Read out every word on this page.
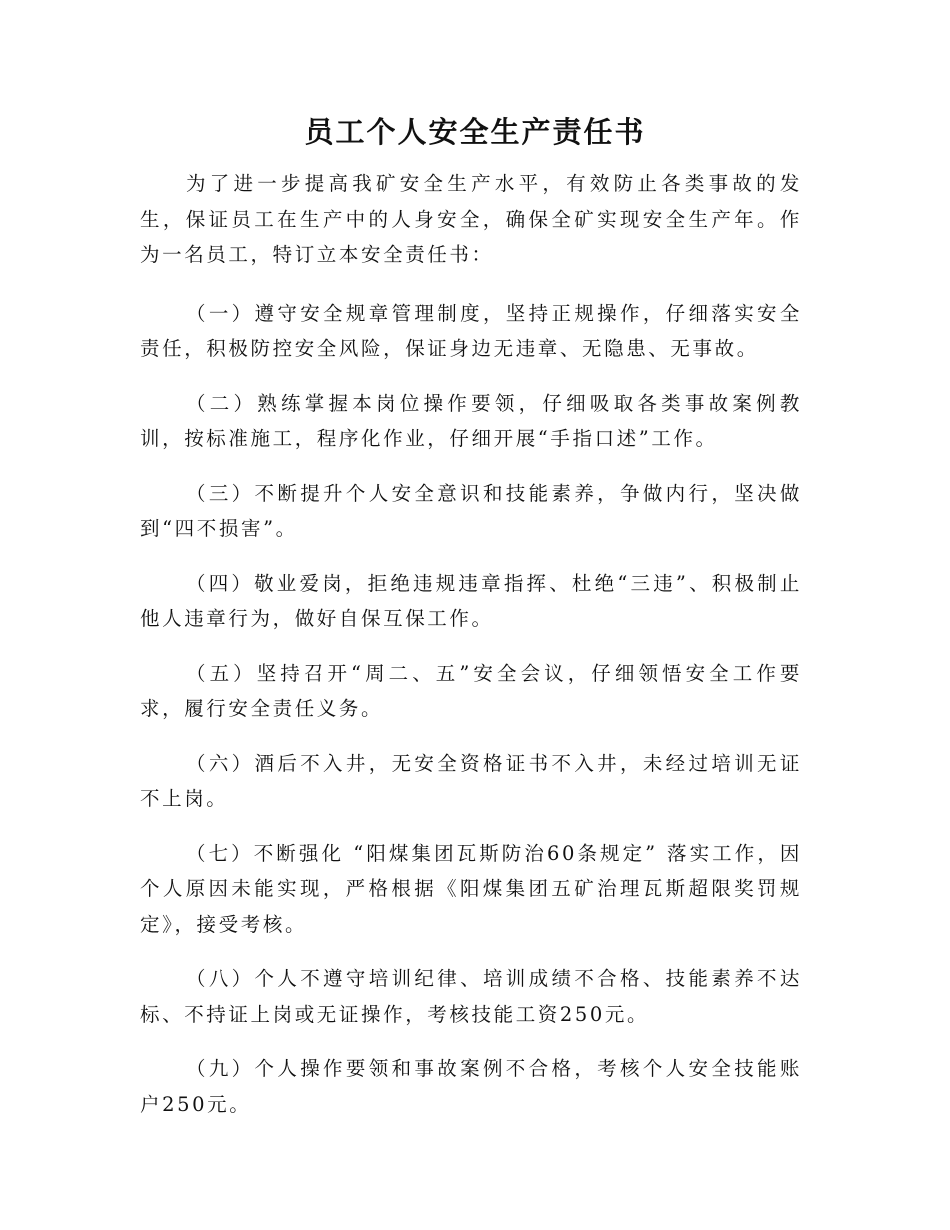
员工个人安全生产责任书

为了进一步提高我矿安全生产水平，有效防止各类事故的发生，保证员工在生产中的人身安全，确保全矿实现安全生产年。作为一名员工，特订立本安全责任书：

（一）遵守安全规章管理制度，坚持正规操作，仔细落实安全责任，积极防控安全风险，保证身边无违章、无隐患、无事故。

（二）熟练掌握本岗位操作要领，仔细吸取各类事故案例教训，按标准施工，程序化作业，仔细开展“手指口述”工作。

（三）不断提升个人安全意识和技能素养，争做内行，坚决做到“四不损害”。

（四）敬业爱岗，拒绝违规违章指挥、杜绝“三违”、积极制止他人违章行为，做好自保互保工作。

（五）坚持召开“周二、五”安全会议，仔细领悟安全工作要求，履行安全责任义务。

（六）酒后不入井，无安全资格证书不入井，未经过培训无证不上岗。

（七）不断强化 “阳煤集团瓦斯防治60条规定” 落实工作，因个人原因未能实现，严格根据《阳煤集团五矿治理瓦斯超限奖罚规定》，接受考核。

（八）个人不遵守培训纪律、培训成绩不合格、技能素养不达标、不持证上岗或无证操作，考核技能工资250元。

（九）个人操作要领和事故案例不合格，考核个人安全技能账户250元。
